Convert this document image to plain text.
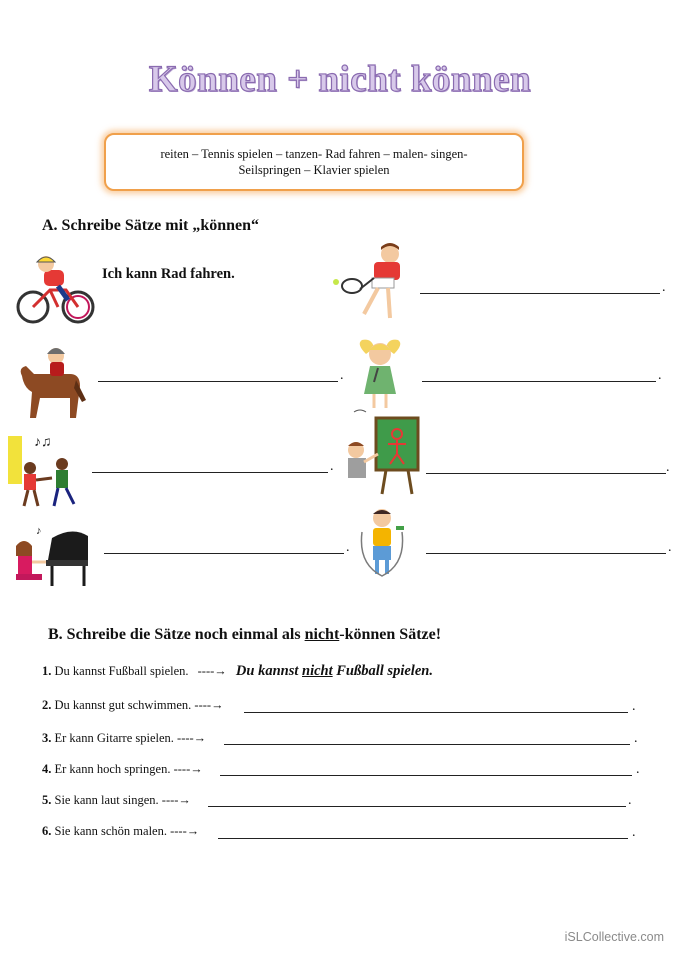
Können + nicht können
reiten – Tennis spielen – tanzen- Rad fahren – malen- singen-
Seilspringen – Klavier spielen
A. Schreibe Sätze mit „können“
Ich kann Rad fahren.
.
.	.
♪♫
.	.
♪
.	.
B. Schreibe die Sätze noch einmal als nicht-können Sätze!
1. Du kannst Fußball spielen. ----→ Du kannst nicht Fußball spielen.
2. Du kannst gut schwimmen. ----→	.
3. Er kann Gitarre spielen. ----→	.
4. Er kann hoch springen. ----→	.
5. Sie kann laut singen. ----→	.
6. Sie kann schön malen. ----→	.
iSLCollective.com
